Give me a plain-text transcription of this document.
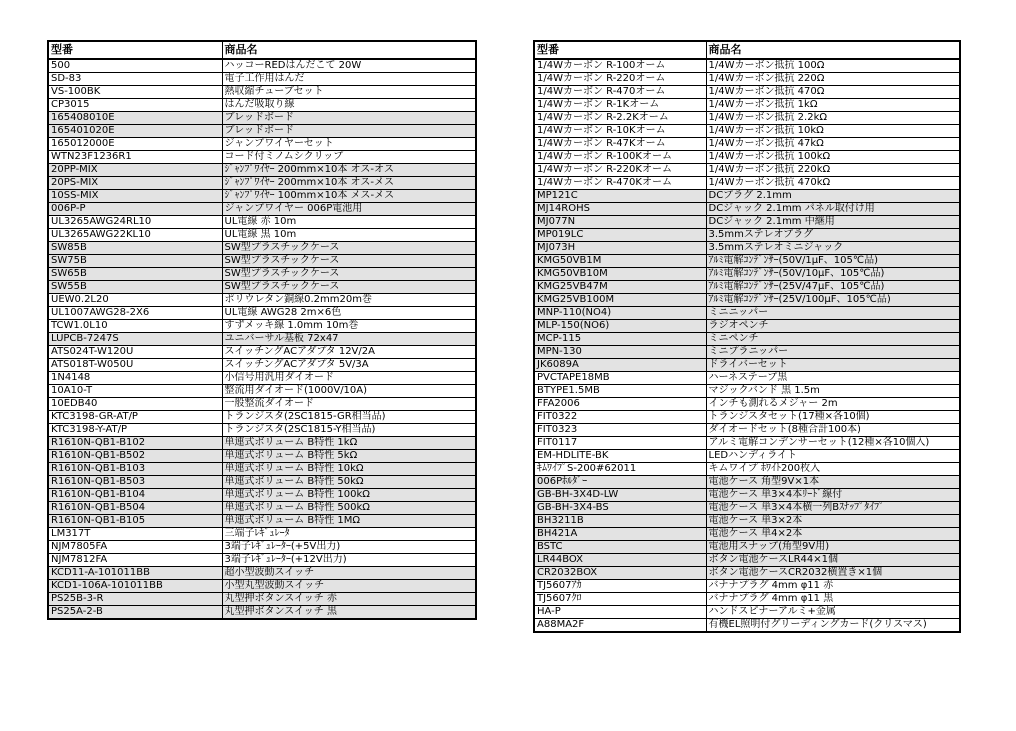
型番	商品名
500	ハッコーREDはんだこて 20W
SD-83	電子工作用はんだ
VS-100BK	熱収縮チューブセット
CP3015	はんだ吸取り線
165408010E	ブレッドボード
165401020E	ブレッドボード
165012000E	ジャンプワイヤーセット
WTN23F1236R1	コード付ミノムシクリップ
20PP-MIX	ｼﾞｬﾝﾌﾟﾜｲﾔｰ 200mm×10本 オス-オス
20PS-MIX	ｼﾞｬﾝﾌﾟﾜｲﾔｰ 200mm×10本 オス-メス
10SS-MIX	ｼﾞｬﾝﾌﾟﾜｲﾔｰ 100mm×10本 メス-メス
006P-P	ジャンプワイヤー 006P電池用
UL3265AWG24RL10	UL電線 赤 10m
UL3265AWG22KL10	UL電線 黒 10m
SW85B	SW型プラスチックケース
SW75B	SW型プラスチックケース
SW65B	SW型プラスチックケース
SW55B	SW型プラスチックケース
UEW0.2L20	ポリウレタン銅線0.2mm20m巻
UL1007AWG28-2X6	UL電線 AWG28 2m×6色
TCW1.0L10	すずメッキ線 1.0mm 10m巻
LUPCB-7247S	ユニバーサル基板 72x47
ATS024T-W120U	スイッチングACアダプタ 12V/2A
ATS018T-W050U	スイッチングACアダプタ 5V/3A
1N4148	小信号用汎用ダイオード
10A10-T	整流用ダイオード(1000V/10A)
10EDB40	一般整流ダイオード
KTC3198-GR-AT/P	トランジスタ(2SC1815-GR相当品)
KTC3198-Y-AT/P	トランジスタ(2SC1815-Y相当品)
R1610N-QB1-B102	単連式ボリューム B特性 1kΩ
R1610N-QB1-B502	単連式ボリューム B特性 5kΩ
R1610N-QB1-B103	単連式ボリューム B特性 10kΩ
R1610N-QB1-B503	単連式ボリューム B特性 50kΩ
R1610N-QB1-B104	単連式ボリューム B特性 100kΩ
R1610N-QB1-B504	単連式ボリューム B特性 500kΩ
R1610N-QB1-B105	単連式ボリューム B特性 1MΩ
LM317T	三端子ﾚｷﾞｭﾚｰﾀ
NJM7805FA	3端子ﾚｷﾞｭﾚｰﾀｰ(+5V出力)
NJM7812FA	3端子ﾚｷﾞｭﾚｰﾀｰ(+12V出力)
KCD11-A-101011BB	超小型波動スイッチ
KCD1-106A-101011BB	小型丸型波動スイッチ
PS25B-3-R	丸型押ボタンスイッチ 赤
PS25A-2-B	丸型押ボタンスイッチ 黒
型番	商品名
1/4Wカーボン R-100オーム	1/4Wカーボン抵抗 100Ω
1/4Wカーボン R-220オーム	1/4Wカーボン抵抗 220Ω
1/4Wカーボン R-470オーム	1/4Wカーボン抵抗 470Ω
1/4Wカーボン R-1Kオーム	1/4Wカーボン抵抗 1kΩ
1/4Wカーボン R-2.2Kオーム	1/4Wカーボン抵抗 2.2kΩ
1/4Wカーボン R-10Kオーム	1/4Wカーボン抵抗 10kΩ
1/4Wカーボン R-47Kオーム	1/4Wカーボン抵抗 47kΩ
1/4Wカーボン R-100Kオーム	1/4Wカーボン抵抗 100kΩ
1/4Wカーボン R-220Kオーム	1/4Wカーボン抵抗 220kΩ
1/4Wカーボン R-470Kオーム	1/4Wカーボン抵抗 470kΩ
MP121C	DCプラグ 2.1mm
MJ14ROHS	DCジャック 2.1mm パネル取付け用
MJ077N	DCジャック 2.1mm 中継用
MP019LC	3.5mmステレオプラグ
MJ073H	3.5mmステレオミニジャック
KMG50VB1M	ｱﾙﾐ電解ｺﾝﾃﾞﾝｻｰ(50V/1μF、105℃品)
KMG50VB10M	ｱﾙﾐ電解ｺﾝﾃﾞﾝｻｰ(50V/10μF、105℃品)
KMG25VB47M	ｱﾙﾐ電解ｺﾝﾃﾞﾝｻｰ(25V/47μF、105℃品)
KMG25VB100M	ｱﾙﾐ電解ｺﾝﾃﾞﾝｻｰ(25V/100μF、105℃品)
MNP-110(NO4)	ミニニッパー
MLP-150(NO6)	ラジオペンチ
MCP-115	ミニペンチ
MPN-130	ミニプラニッパー
JK6089A	ドライバーセット
PVCTAPE18MB	ハーネステープ黒
BTYPE1.5MB	マジックバンド 黒 1.5m
FFA2006	インチも測れるメジャー 2m
FIT0322	トランジスタセット(17種×各10個)
FIT0323	ダイオードセット(8種合計100本)
FIT0117	アルミ電解コンデンサーセット(12種×各10個入)
EM-HDLITE-BK	LEDハンディライト
ｷﾑﾜｲﾌﾟS-200#62011	キムワイプ ﾎﾜｲﾄ200枚入
006Pﾎﾙﾀﾞｰ	電池ケース 角型9V×1本
GB-BH-3X4D-LW	電池ケース 単3×4本ﾘｰﾄﾞ線付
GB-BH-3X4-BS	電池ケース 単3×4本横一列Bｽﾅｯﾌﾟﾀｲﾌﾟ
BH3211B	電池ケース 単3×2本
BH421A	電池ケース 単4×2本
BSTC	電池用スナップ(角型9V用)
LR44BOX	ボタン電池ケースLR44×1個
CR2032BOX	ボタン電池ケースCR2032横置き×1個
TJ5607ｱｶ	バナナプラグ 4mm φ11 赤
TJ5607ｸﾛ	バナナプラグ 4mm φ11 黒
HA-P	ハンドスピナーアルミ+金属
A88MA2F	有機EL照明付グリーディングカード(クリスマス)
